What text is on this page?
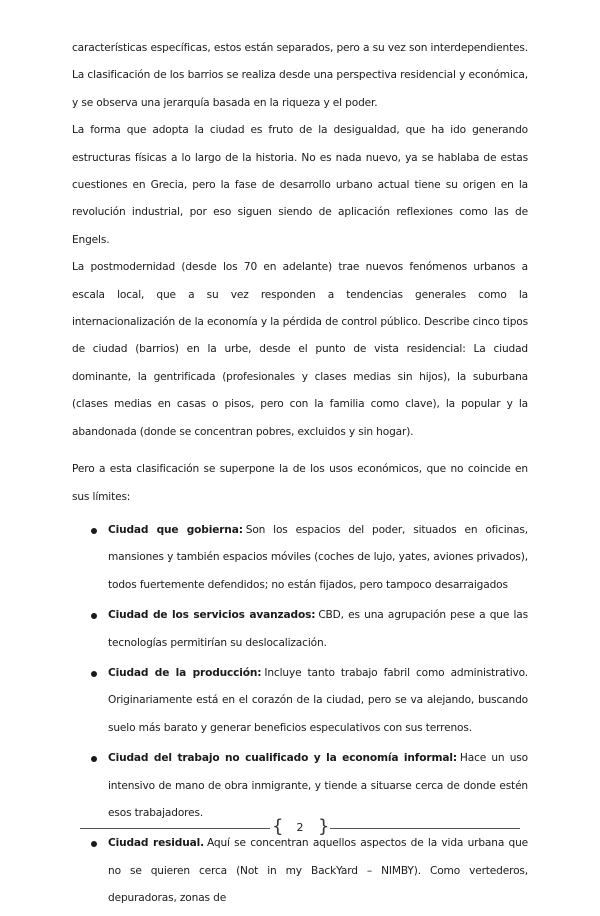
características específicas, estos están separados, pero a su vez son interdependientes. La clasificación de los barrios se realiza desde una perspectiva residencial y económica, y se observa una jerarquía basada en la riqueza y el poder.

La forma que adopta la ciudad es fruto de la desigualdad, que ha ido generando estructuras físicas a lo largo de la historia. No es nada nuevo, ya se hablaba de estas cuestiones en Grecia, pero la fase de desarrollo urbano actual tiene su origen en la revolución industrial, por eso siguen siendo de aplicación reflexiones como las de Engels.

La postmodernidad (desde los 70 en adelante) trae nuevos fenómenos urbanos a escala local, que a su vez responden a tendencias generales como la internacionalización de la economía y la pérdida de control público. Describe cinco tipos de ciudad (barrios) en la urbe, desde el punto de vista residencial: La ciudad dominante, la gentrificada (profesionales y clases medias sin hijos), la suburbana (clases medias en casas o pisos, pero con la familia como clave), la popular y la abandonada (donde se concentran pobres, excluidos y sin hogar).

Pero a esta clasificación se superpone la de los usos económicos, que no coincide en sus límites:

Ciudad que gobierna: Son los espacios del poder, situados en oficinas, mansiones y también espacios móviles (coches de lujo, yates, aviones privados), todos fuertemente defendidos; no están fijados, pero tampoco desarraigados
Ciudad de los servicios avanzados: CBD, es una agrupación pese a que las tecnologías permitirían su deslocalización.
Ciudad de la producción: Incluye tanto trabajo fabril como administrativo. Originariamente está en el corazón de la ciudad, pero se va alejando, buscando suelo más barato y generar beneficios especulativos con sus terrenos.
Ciudad del trabajo no cualificado y la economía informal: Hace un uso intensivo de mano de obra inmigrante, y tiende a situarse cerca de donde estén esos trabajadores.
Ciudad residual. Aquí se concentran aquellos aspectos de la vida urbana que no se quieren cerca (Not in my BackYard – NIMBY). Como vertederos, depuradoras, zonas de
{	2 }
